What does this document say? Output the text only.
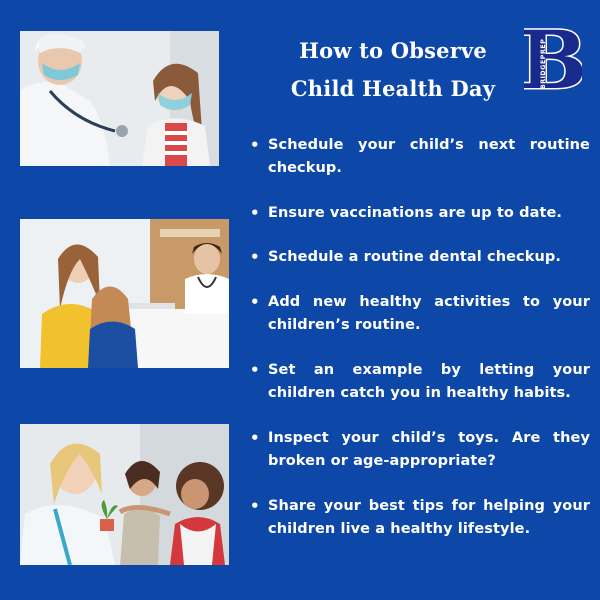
How to Observe
Child Health Day B
BRIDGEPREP
• Schedule your child’s next routine checkup.
• Ensure vaccinations are up to date.
• Schedule a routine dental checkup.
• Add new healthy activities to your children’s routine.
• Set an example by letting your children catch you in healthy habits.
• Inspect your child’s toys. Are they broken or age-appropriate?
• Share your best tips for helping your children live a healthy lifestyle.
